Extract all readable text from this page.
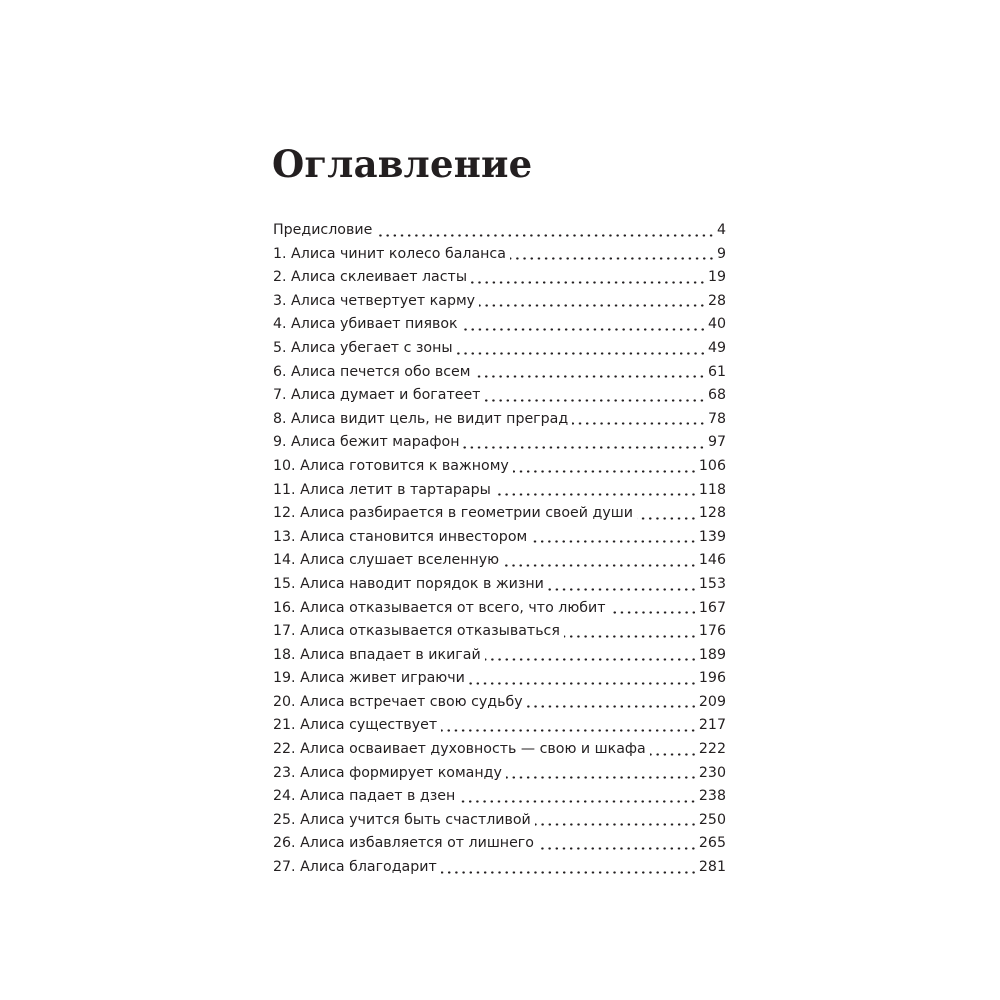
Оглавление
Предисловие	4
1. Алиса чинит колесо баланса	9
2. Алиса склеивает ласты	19
3. Алиса четвертует карму	28
4. Алиса убивает пиявок	40
5. Алиса убегает с зоны	49
6. Алиса печется обо всем	61
7. Алиса думает и богатеет	68
8. Алиса видит цель, не видит преград	78
9. Алиса бежит марафон	97
10. Алиса готовится к важному	106
11. Алиса летит в тартарары	118
12. Алиса разбирается в геометрии своей души	128
13. Алиса становится инвестором	139
14. Алиса слушает вселенную	146
15. Алиса наводит порядок в жизни	153
16. Алиса отказывается от всего, что любит	167
17. Алиса отказывается отказываться	176
18. Алиса впадает в икигай	189
19. Алиса живет играючи	196
20. Алиса встречает свою судьбу	209
21. Алиса существует	217
22. Алиса осваивает духовность — свою и шкафа	222
23. Алиса формирует команду	230
24. Алиса падает в дзен	238
25. Алиса учится быть счастливой	250
26. Алиса избавляется от лишнего	265
27. Алиса благодарит	281
